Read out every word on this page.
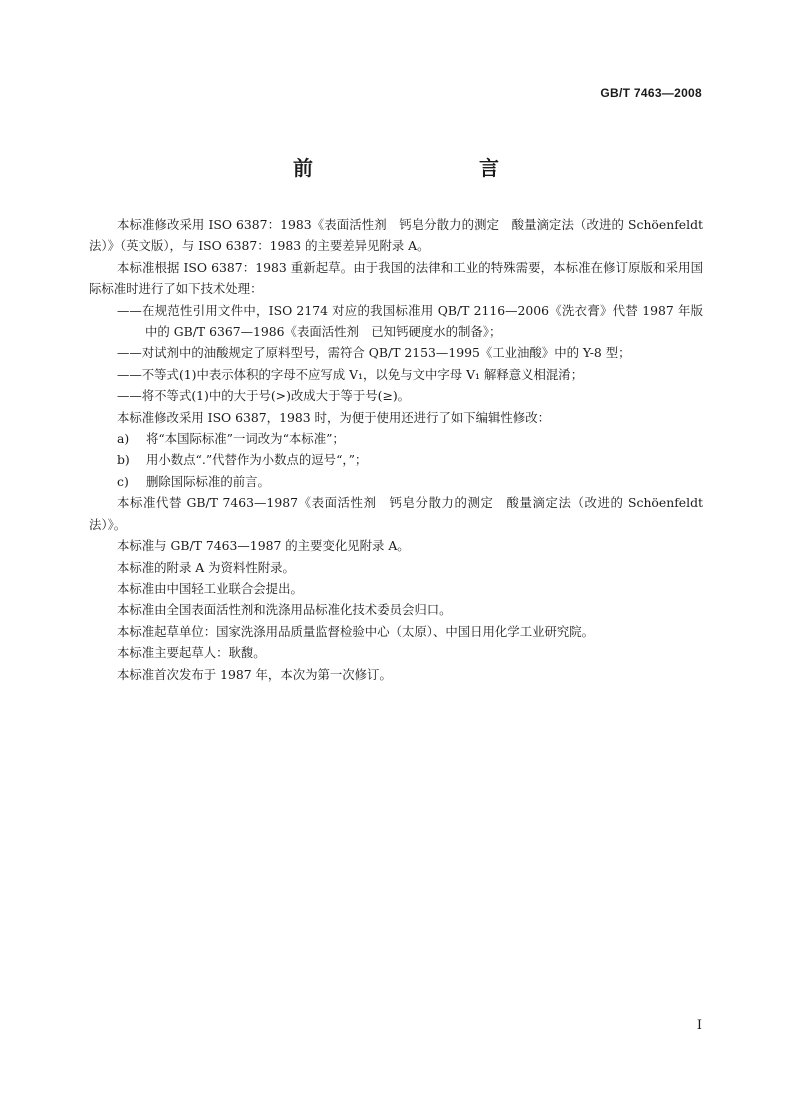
GB/T 7463—2008
前　　言

本标准修改采用 ISO 6387：1983《表面活性剂　钙皂分散力的测定　酸量滴定法（改进的 Schöenfeldt 法）》（英文版），与 ISO 6387：1983 的主要差异见附录 A。

本标准根据 ISO 6387：1983 重新起草。由于我国的法律和工业的特殊需要，本标准在修订原版和采用国际标准时进行了如下技术处理：

——在规范性引用文件中，ISO 2174 对应的我国标准用 QB/T 2116—2006《洗衣膏》代替 1987 年版中的 GB/T 6367—1986《表面活性剂　已知钙硬度水的制备》；

——对试剂中的油酸规定了原料型号，需符合 QB/T 2153—1995《工业油酸》中的 Y-8 型；

——不等式(1)中表示体积的字母不应写成 V₁，以免与文中字母 V₁ 解释意义相混淆；

——将不等式(1)中的大于号(>)改成大于等于号(≥)。

本标准修改采用 ISO 6387，1983 时，为便于使用还进行了如下编辑性修改：

a) 将“本国际标准”一词改为“本标准”；

b) 用小数点“.”代替作为小数点的逗号“，”；

c) 删除国际标准的前言。

本标准代替 GB/T 7463—1987《表面活性剂　钙皂分散力的测定　酸量滴定法（改进的 Schöenfeldt 法）》。

本标准与 GB/T 7463—1987 的主要变化见附录 A。

本标准的附录 A 为资料性附录。

本标准由中国轻工业联合会提出。

本标准由全国表面活性剂和洗涤用品标准化技术委员会归口。

本标准起草单位：国家洗涤用品质量监督检验中心（太原）、中国日用化学工业研究院。

本标准主要起草人：耿馥。

本标准首次发布于 1987 年，本次为第一次修订。

I
